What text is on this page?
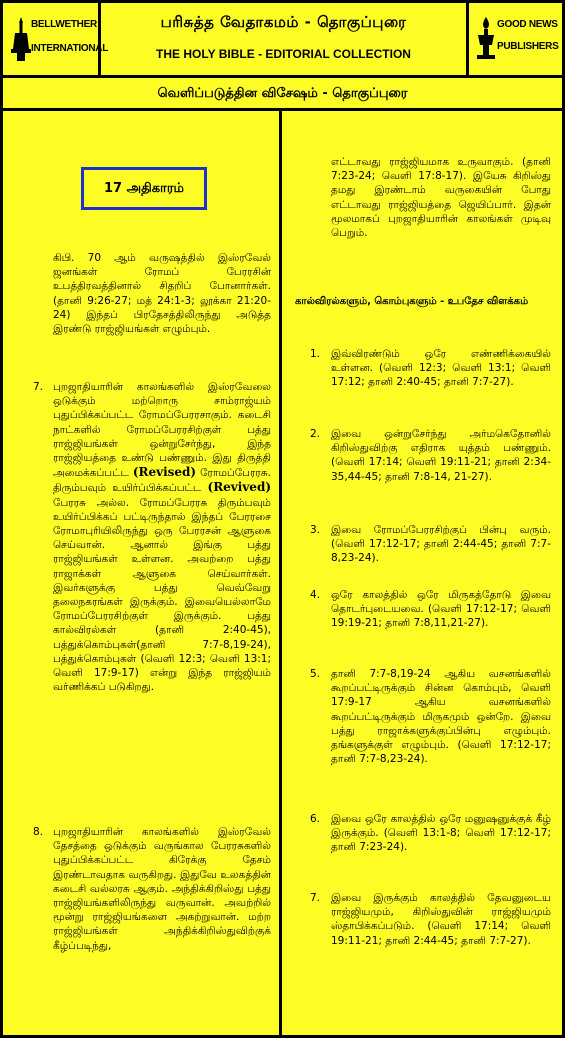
BELLWETHER
INTERNATIONAL
பரிசுத்த வேதாகமம் - தொகுப்புரை
THE HOLY BIBLE - EDITORIAL COLLECTION
GOOD NEWS
PUBLISHERS
வெளிப்படுத்தின விசேஷம் - தொகுப்புரை
17 அதிகாரம்
கிபி. 70 ஆம் வருஷத்தில் இஸ்ரவேல் ஜனங்கள் ரோமப் பேரரசின் உபத்திரவத்தினால் சிதறிப் போனார்கள். (தானி 9:26-27; மத் 24:1-3; லூக்கா 21:20-24) இந்தப் பிரதேசத்திலிருந்து அடுத்த இரண்டு ராஜ்ஜியங்கள் எழும்பும்.
7. புறஜாதியாரின் காலங்களில் இஸ்ரவேலை ஒடுக்கும் மற்றொரு சாம்ராஜ்யம் புதுப்பிக்கப்பட்ட ரோமப்பேரரசாகும். கடைசி நாட்களில் ரோமப்பேரரசிற்குள் பத்து ராஜ்ஜியங்கள் ஒன்றுசேர்ந்து, இந்த ராஜ்ஜியத்தை உண்டு பண்ணும். இது திருத்தி அமைக்கப்பட்ட (Revised) ரோமப்பேரரசு. திரும்பவும் உயிர்ப்பிக்கப்பட்ட (Revived) பேரரசு அல்ல. ரோமப்பேரரசு திரும்பவும் உயிர்ப்பிக்கப் பட்டிருந்தால் இந்தப் பேரரசை ரோமாபுரியிலிருந்து ஒரு பேரரசன் ஆளுகை செய்வான். ஆனால் இங்கு பத்து ராஜ்ஜியங்கள் உள்ளன. அவற்றை பத்து ராஜாக்கள் ஆளுகை செய்வார்கள். இவர்களுக்கு பத்து வெவ்வேறு தலைநகரங்கள் இருக்கும். இவையெல்லாமே ரோமப்பேரரசிற்குள் இருக்கும். பத்து கால்விரல்கள் (தானி 2:40-45), பத்துக்கொம்புகள்(தானி 7:7-8,19-24), பத்துக்கொம்புகள் (வெளி 12:3; வெளி 13:1; வெளி 17:9-17) என்று இந்த ராஜ்ஜியம் வர்ணிக்கப் படுகிறது.
8. புறஜாதியாரின் காலங்களில் இஸ்ரவேல் தேசத்தை ஒடுக்கும் வருங்கால பேரரசுகளில் புதுப்பிக்கப்பட்ட கிரேக்கு தேசம் இரண்டாவதாக வருகிறது. இதுவே உலகத்தின் கடைசி வல்லரசு ஆகும். அந்திக்கிறிஸ்து பத்து ராஜ்ஜியங்களிலிருந்து வருவான். அவற்றில் மூன்று ராஜ்ஜியங்களை அகற்றுவான். மற்ற ராஜ்ஜியங்கள் அந்திக்கிறிஸ்துவிற்குக் கீழ்ப்படிந்து,
எட்டாவது ராஜ்ஜியமாக உருவாகும். (தானி 7:23-24; வெளி 17:8-17). இயேசு கிறிஸ்து தமது இரண்டாம் வருகையின் போது எட்டாவது ராஜ்ஜியத்தை ஜெயிப்பார். இதன் மூலமாகப் புறஜாதியாரின் காலங்கள் முடிவு பெறும்.
கால்விரல்களும், கொம்புகளும் - உபதேச விளக்கம்
1. இவ்விரண்டும் ஒரே எண்ணிக்கையில் உள்ளன. (வெளி 12:3; வெளி 13:1; வெளி 17:12; தானி 2:40-45; தானி 7:7-27).
2. இவை ஒன்றுசேர்ந்து அர்மகெதோனில் கிறிஸ்துவிற்கு எதிராக யுத்தம் பண்ணும். (வெளி 17:14; வெளி 19:11-21; தானி 2:34-35,44-45; தானி 7:8-14, 21-27).
3. இவை ரோமப்பேரரசிற்குப் பின்பு வரும். (வெளி 17:12-17; தானி 2:44-45; தானி 7:7-8,23-24).
4. ஒரே காலத்தில் ஒரே மிருகத்தோடு இவை தொடர்புடையவை. (வெளி 17:12-17; வெளி 19:19-21; தானி 7:8,11,21-27).
5. தானி 7:7-8,19-24 ஆகிய வசனங்களில் கூறப்பட்டிருக்கும் சின்ன கொம்பும், வெளி 17:9-17 ஆகிய வசனங்களில் கூறப்பட்டிருக்கும் மிருகமும் ஒன்றே. இவை பத்து ராஜாக்களுக்குப்பின்பு எழும்பும். தங்களுக்குள் எழும்பும். (வெளி 17:12-17; தானி 7:7-8,23-24).
6. இவை ஒரே காலத்தில் ஒரே மனுஷனுக்குக் கீழ் இருக்கும். (வெளி 13:1-8; வெளி 17:12-17; தானி 7:23-24).
7. இவை இருக்கும் காலத்தில் தேவனுடைய ராஜ்ஜியமும், கிறிஸ்துவின் ராஜ்ஜியமும் ஸ்தாபிக்கப்படும். (வெளி 17:14; வெளி 19:11-21; தானி 2:44-45; தானி 7:7-27).
